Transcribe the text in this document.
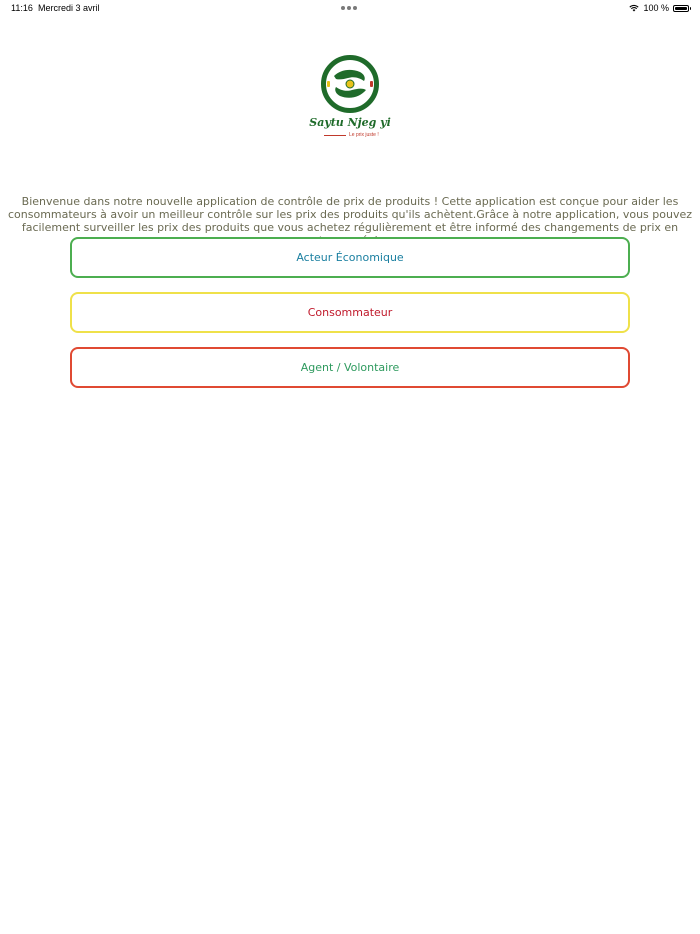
11:16 Mercredi 3 avril	100 %
Saytu Njeg yi
Le prix juste !

Bienvenue dans notre nouvelle application de contrôle de prix de produits ! Cette application est conçue pour aider les consommateurs à avoir un meilleur contrôle sur les prix des produits qu'ils achètent.Grâce à notre application, vous pouvez facilement surveiller les prix des produits que vous achetez régulièrement et être informé des changements de prix en

Acteur Économique
Consommateur
Agent / Volontaire
